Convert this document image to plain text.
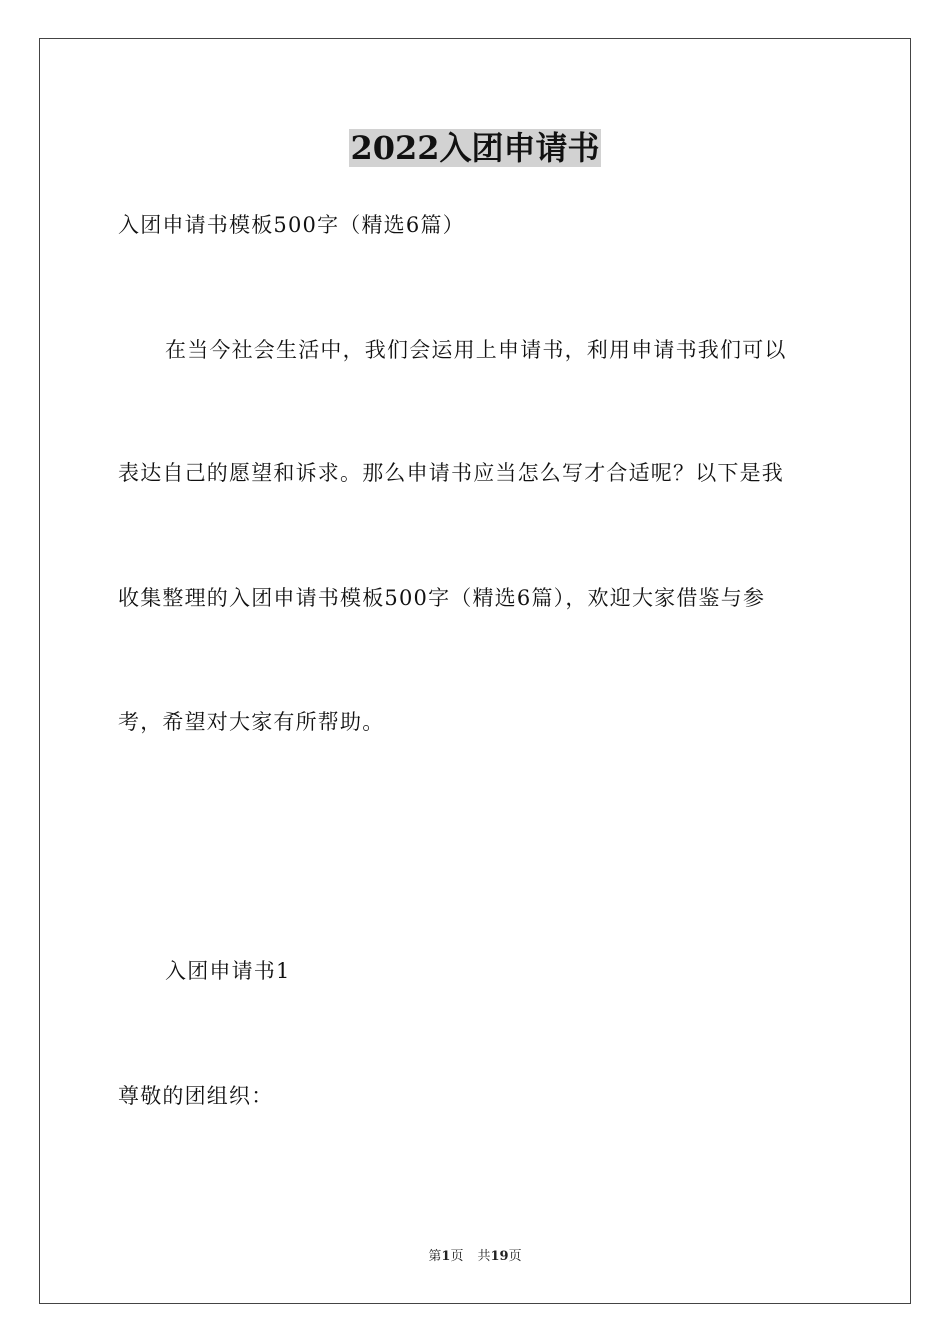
2022入团申请书
入团申请书模板500字（精选6篇）
在当今社会生活中，我们会运用上申请书，利用申请书我们可以
表达自己的愿望和诉求。那么申请书应当怎么写才合适呢？以下是我
收集整理的入团申请书模板500字（精选6篇），欢迎大家借鉴与参
考，希望对大家有所帮助。
入团申请书1
尊敬的团组织：
第1页 共19页
